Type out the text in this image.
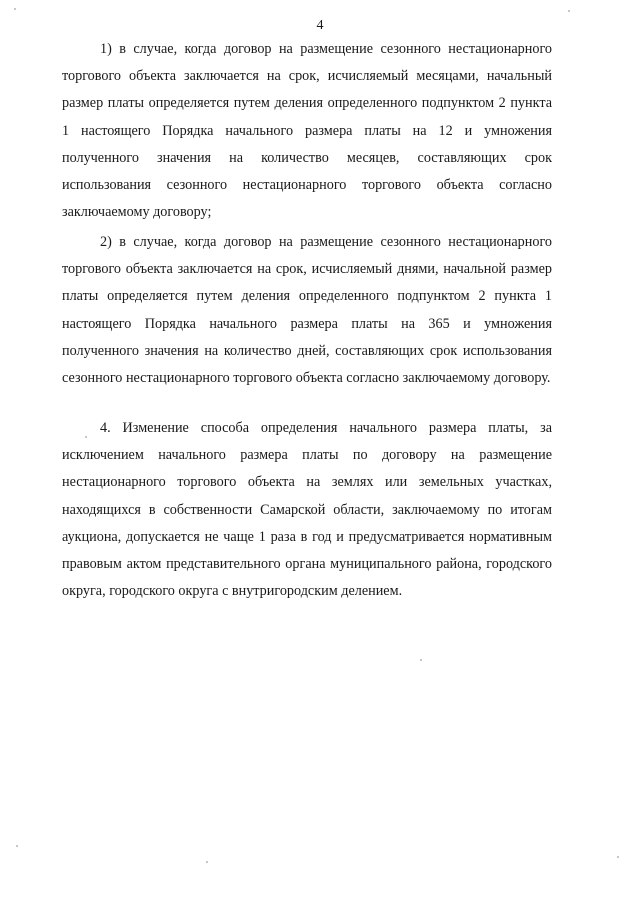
4

1) в случае, когда договор на размещение сезонного нестационарного торгового объекта заключается на срок, исчисляемый месяцами, начальный размер платы определяется путем деления определенного подпунктом 2 пункта 1 настоящего Порядка начального размера платы на 12 и умножения полученного значения на количество месяцев, составляющих срок использования сезонного нестационарного торгового объекта согласно заключаемому договору;

2) в случае, когда договор на размещение сезонного нестационарного торгового объекта заключается на срок, исчисляемый днями, начальной размер платы определяется путем деления определенного подпунктом 2 пункта 1 настоящего Порядка начального размера платы на 365 и умножения полученного значения на количество дней, составляющих срок использования сезонного нестационарного торгового объекта согласно заключаемому договору.

4. Изменение способа определения начального размера платы, за исключением начального размера платы по договору на размещение нестационарного торгового объекта на землях или земельных участках, находящихся в собственности Самарской области, заключаемому по итогам аукциона, допускается не чаще 1 раза в год и предусматривается нормативным правовым актом представительного органа муниципального района, городского округа, городского округа с внутригородским делением.
